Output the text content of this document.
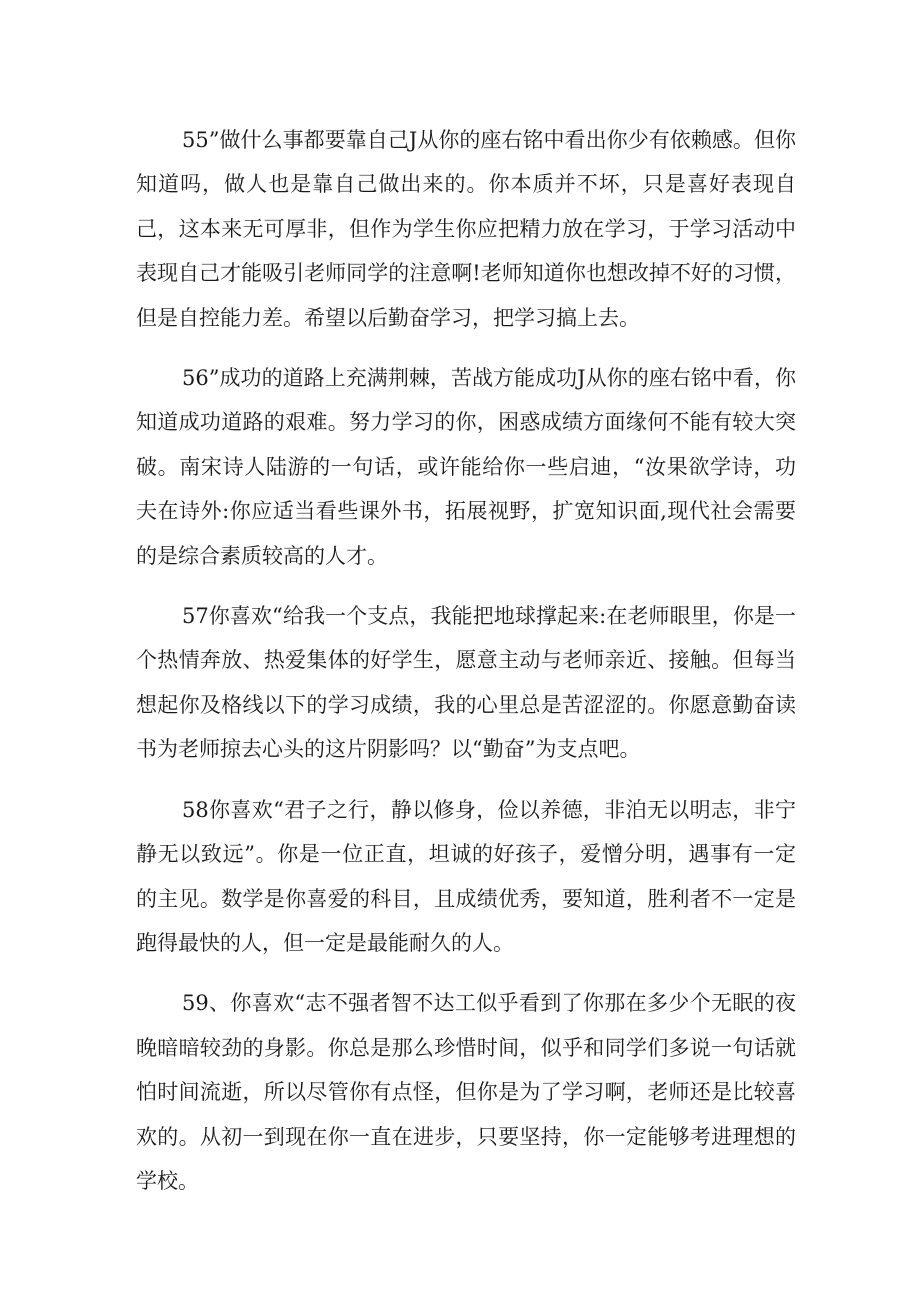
55”做什么事都要靠自己J从你的座右铭中看出你少有依赖感。但你知道吗，做人也是靠自己做出来的。你本质并不坏，只是喜好表现自己，这本来无可厚非，但作为学生你应把精力放在学习，于学习活动中表现自己才能吸引老师同学的注意啊!老师知道你也想改掉不好的习惯，但是自控能力差。希望以后勤奋学习，把学习搞上去。

56”成功的道路上充满荆棘，苦战方能成功J从你的座右铭中看，你知道成功道路的艰难。努力学习的你，困惑成绩方面缘何不能有较大突破。南宋诗人陆游的一句话，或许能给你一些启迪，“汝果欲学诗，功夫在诗外:你应适当看些课外书，拓展视野，扩宽知识面,现代社会需要的是综合素质较高的人才。

57你喜欢“给我一个支点，我能把地球撑起来:在老师眼里，你是一个热情奔放、热爱集体的好学生，愿意主动与老师亲近、接触。但每当想起你及格线以下的学习成绩，我的心里总是苦涩涩的。你愿意勤奋读书为老师掠去心头的这片阴影吗？以“勤奋”为支点吧。

58你喜欢“君子之行，静以修身，俭以养德，非泊无以明志，非宁静无以致远”。你是一位正直，坦诚的好孩子，爱憎分明，遇事有一定的主见。数学是你喜爱的科目，且成绩优秀，要知道，胜利者不一定是跑得最快的人，但一定是最能耐久的人。

59、你喜欢“志不强者智不达工似乎看到了你那在多少个无眠的夜晚暗暗较劲的身影。你总是那么珍惜时间，似乎和同学们多说一句话就怕时间流逝，所以尽管你有点怪，但你是为了学习啊，老师还是比较喜欢的。从初一到现在你一直在进步，只要坚持，你一定能够考进理想的学校。
